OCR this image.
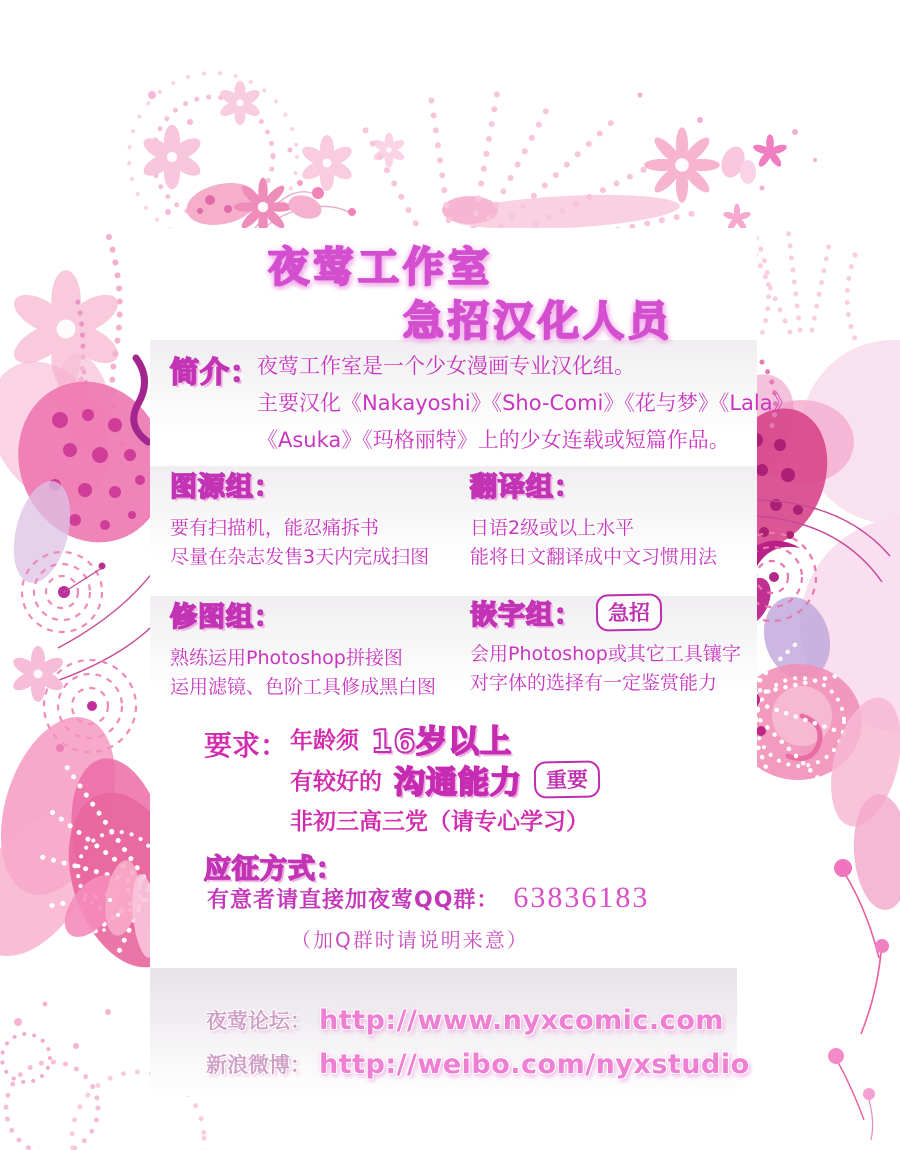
夜莺工作室
急招汉化人员
简介：
夜莺工作室是一个少女漫画专业汉化组。
主要汉化《Nakayoshi》《Sho-Comi》《花与梦》《Lala》
《Asuka》《玛格丽特》上的少女连载或短篇作品。
图源组：
要有扫描机，能忍痛拆书
尽量在杂志发售3天内完成扫图
翻译组：
日语2级或以上水平
能将日文翻译成中文习惯用法
修图组：
熟练运用Photoshop拼接图
运用滤镜、色阶工具修成黑白图
嵌字组：	急招
会用Photoshop或其它工具镶字
对字体的选择有一定鉴赏能力
要求： 年龄须 16岁以上
有较好的 沟通能力	重要
非初三高三党（请专心学习）
应征方式：
有意者请直接加夜莺QQ群： 63836183
（加Q群时请说明来意）
夜莺论坛： http://www.nyxcomic.com
新浪微博： http://weibo.com/nyxstudio
